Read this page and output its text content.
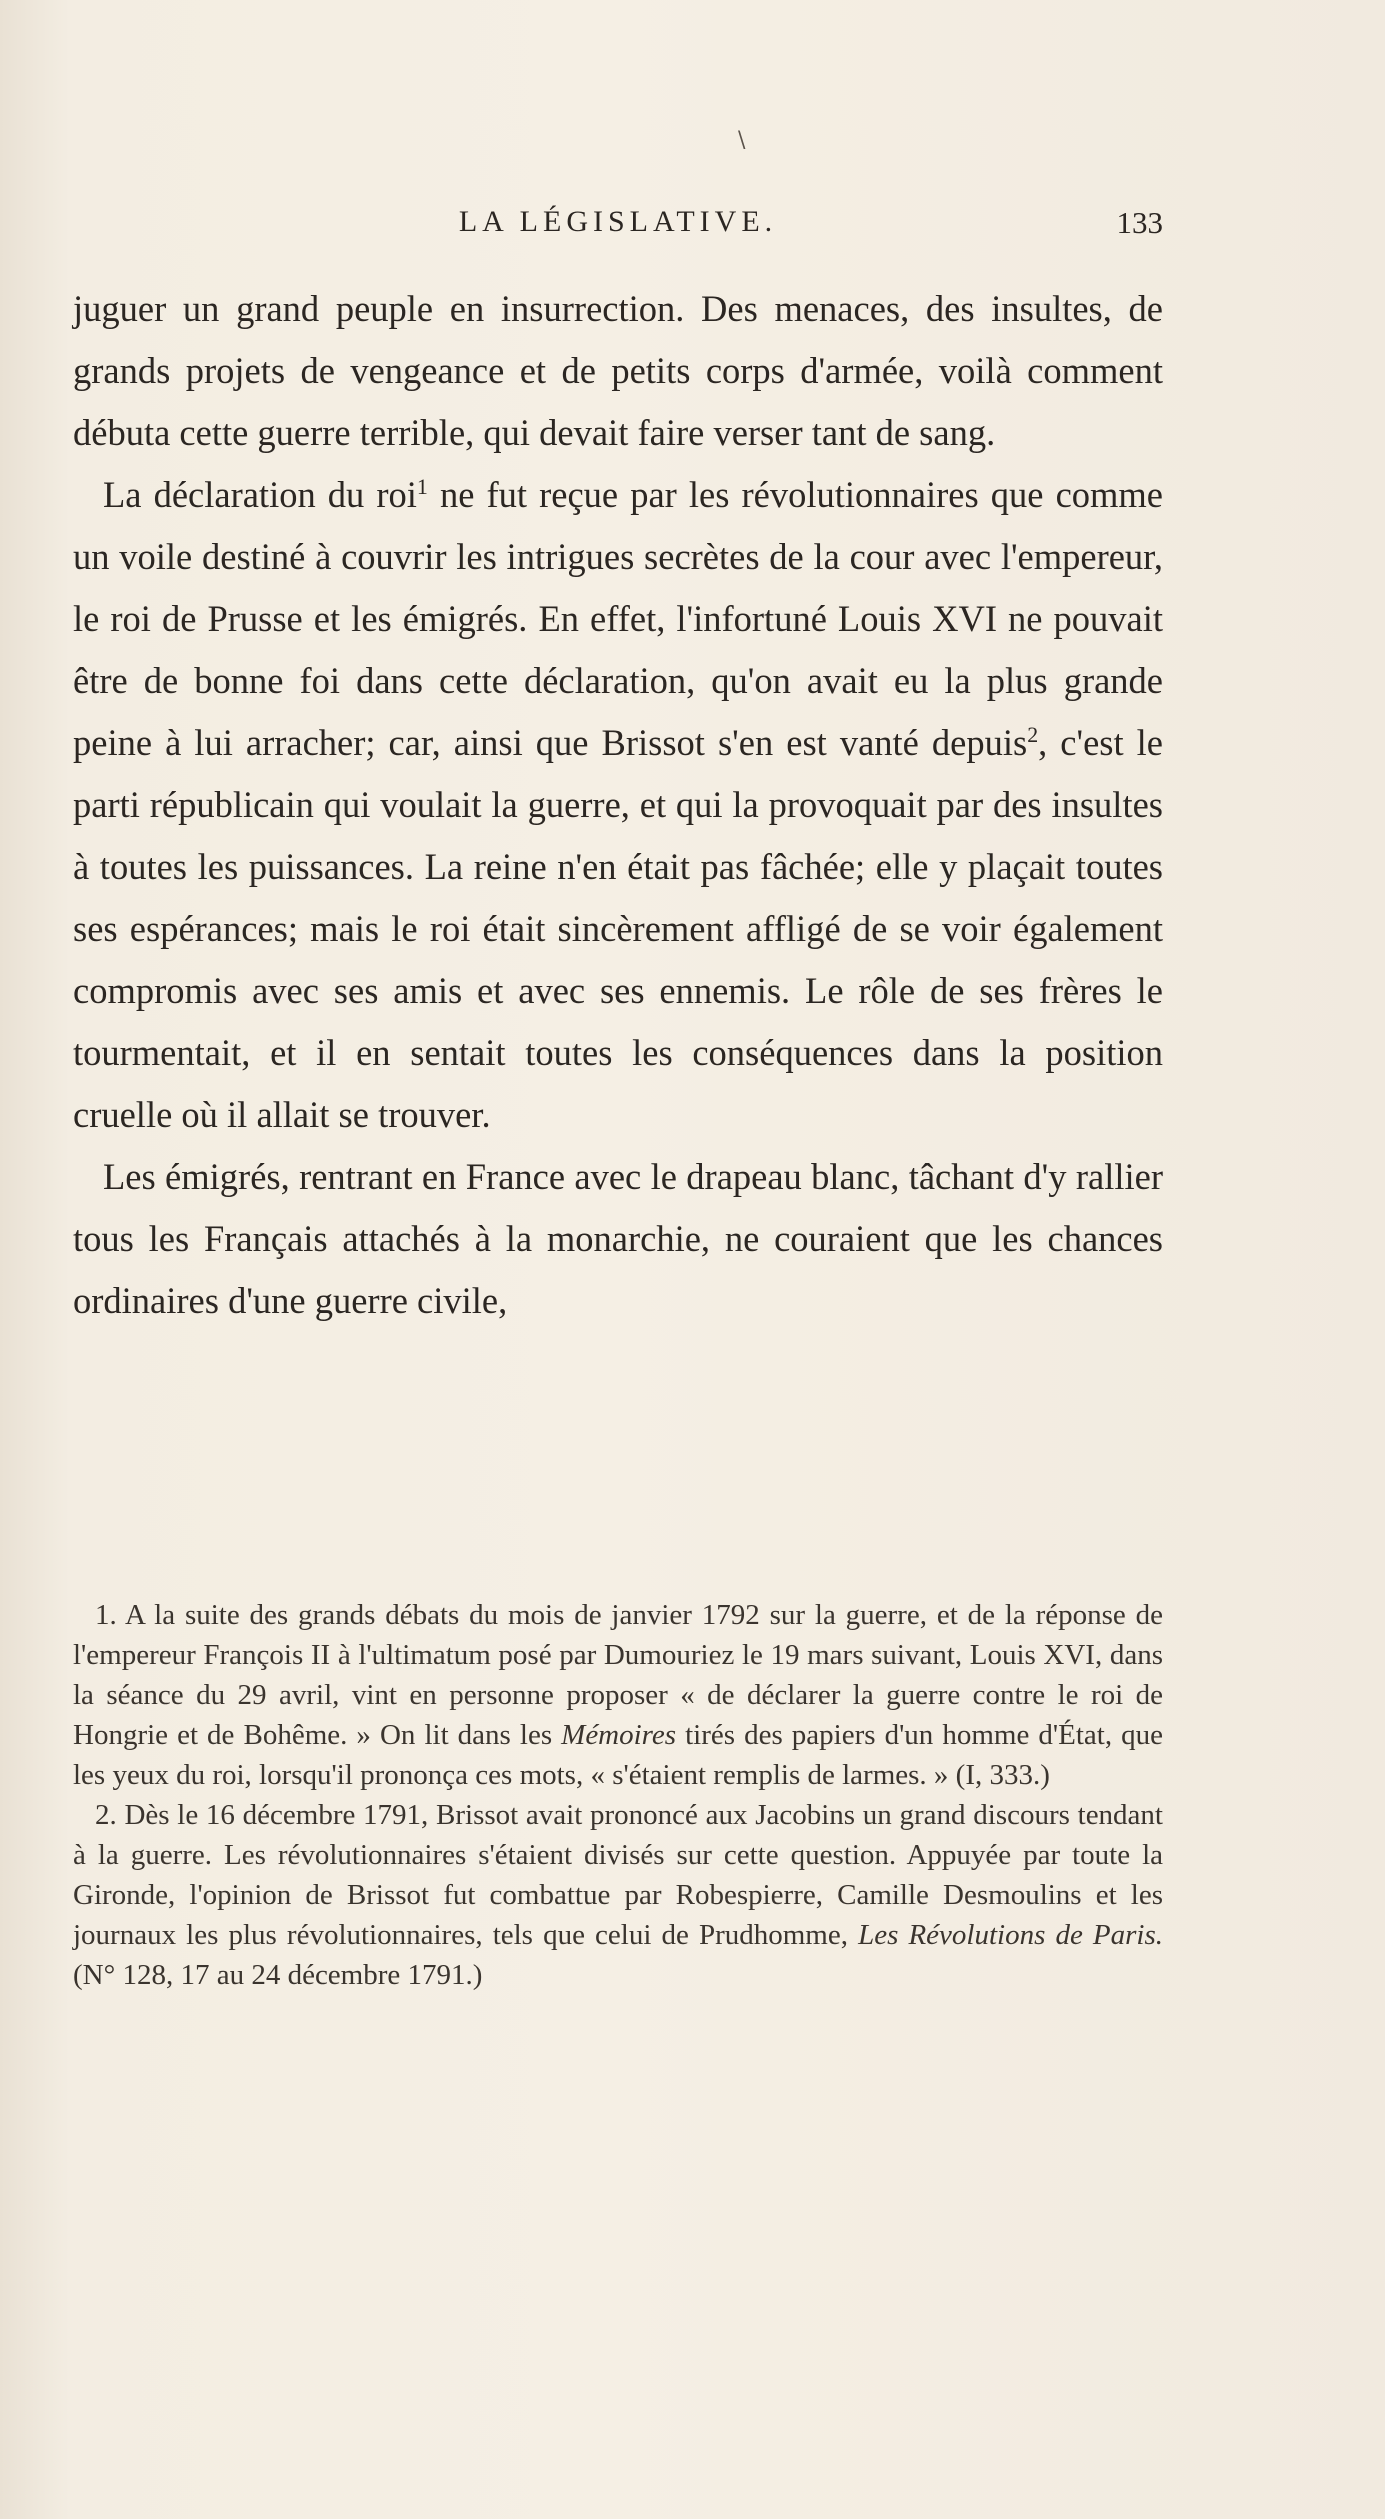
\
LA LÉGISLATIVE.	133

juguer un grand peuple en insurrection. Des menaces, des insultes, de grands projets de vengeance et de petits corps d'armée, voilà comment débuta cette guerre terrible, qui devait faire verser tant de sang.

La déclaration du roi$^1$ ne fut reçue par les révolutionnaires que comme un voile destiné à couvrir les intrigues secrètes de la cour avec l'empereur, le roi de Prusse et les émigrés. En effet, l'infortuné Louis XVI ne pouvait être de bonne foi dans cette déclaration, qu'on avait eu la plus grande peine à lui arracher; car, ainsi que Brissot s'en est vanté depuis$^2$, c'est le parti républicain qui voulait la guerre, et qui la provoquait par des insultes à toutes les puissances. La reine n'en était pas fâchée; elle y plaçait toutes ses espérances; mais le roi était sincèrement affligé de se voir également compromis avec ses amis et avec ses ennemis. Le rôle de ses frères le tourmentait, et il en sentait toutes les conséquences dans la position cruelle où il allait se trouver.

Les émigrés, rentrant en France avec le drapeau blanc, tâchant d'y rallier tous les Français attachés à la monarchie, ne couraient que les chances ordinaires d'une guerre civile,

1. A la suite des grands débats du mois de janvier 1792 sur la guerre, et de la réponse de l'empereur François II à l'ultimatum posé par Dumouriez le 19 mars suivant, Louis XVI, dans la séance du 29 avril, vint en personne proposer « de déclarer la guerre contre le roi de Hongrie et de Bohême. » On lit dans les Mémoires tirés des papiers d'un homme d'État, que les yeux du roi, lorsqu'il prononça ces mots, « s'étaient remplis de larmes. » (I, 333.)

2. Dès le 16 décembre 1791, Brissot avait prononcé aux Jacobins un grand discours tendant à la guerre. Les révolutionnaires s'étaient divisés sur cette question. Appuyée par toute la Gironde, l'opinion de Brissot fut combattue par Robespierre, Camille Desmoulins et les journaux les plus révolutionnaires, tels que celui de Prudhomme, Les Révolutions de Paris. (N° 128, 17 au 24 décembre 1791.)
